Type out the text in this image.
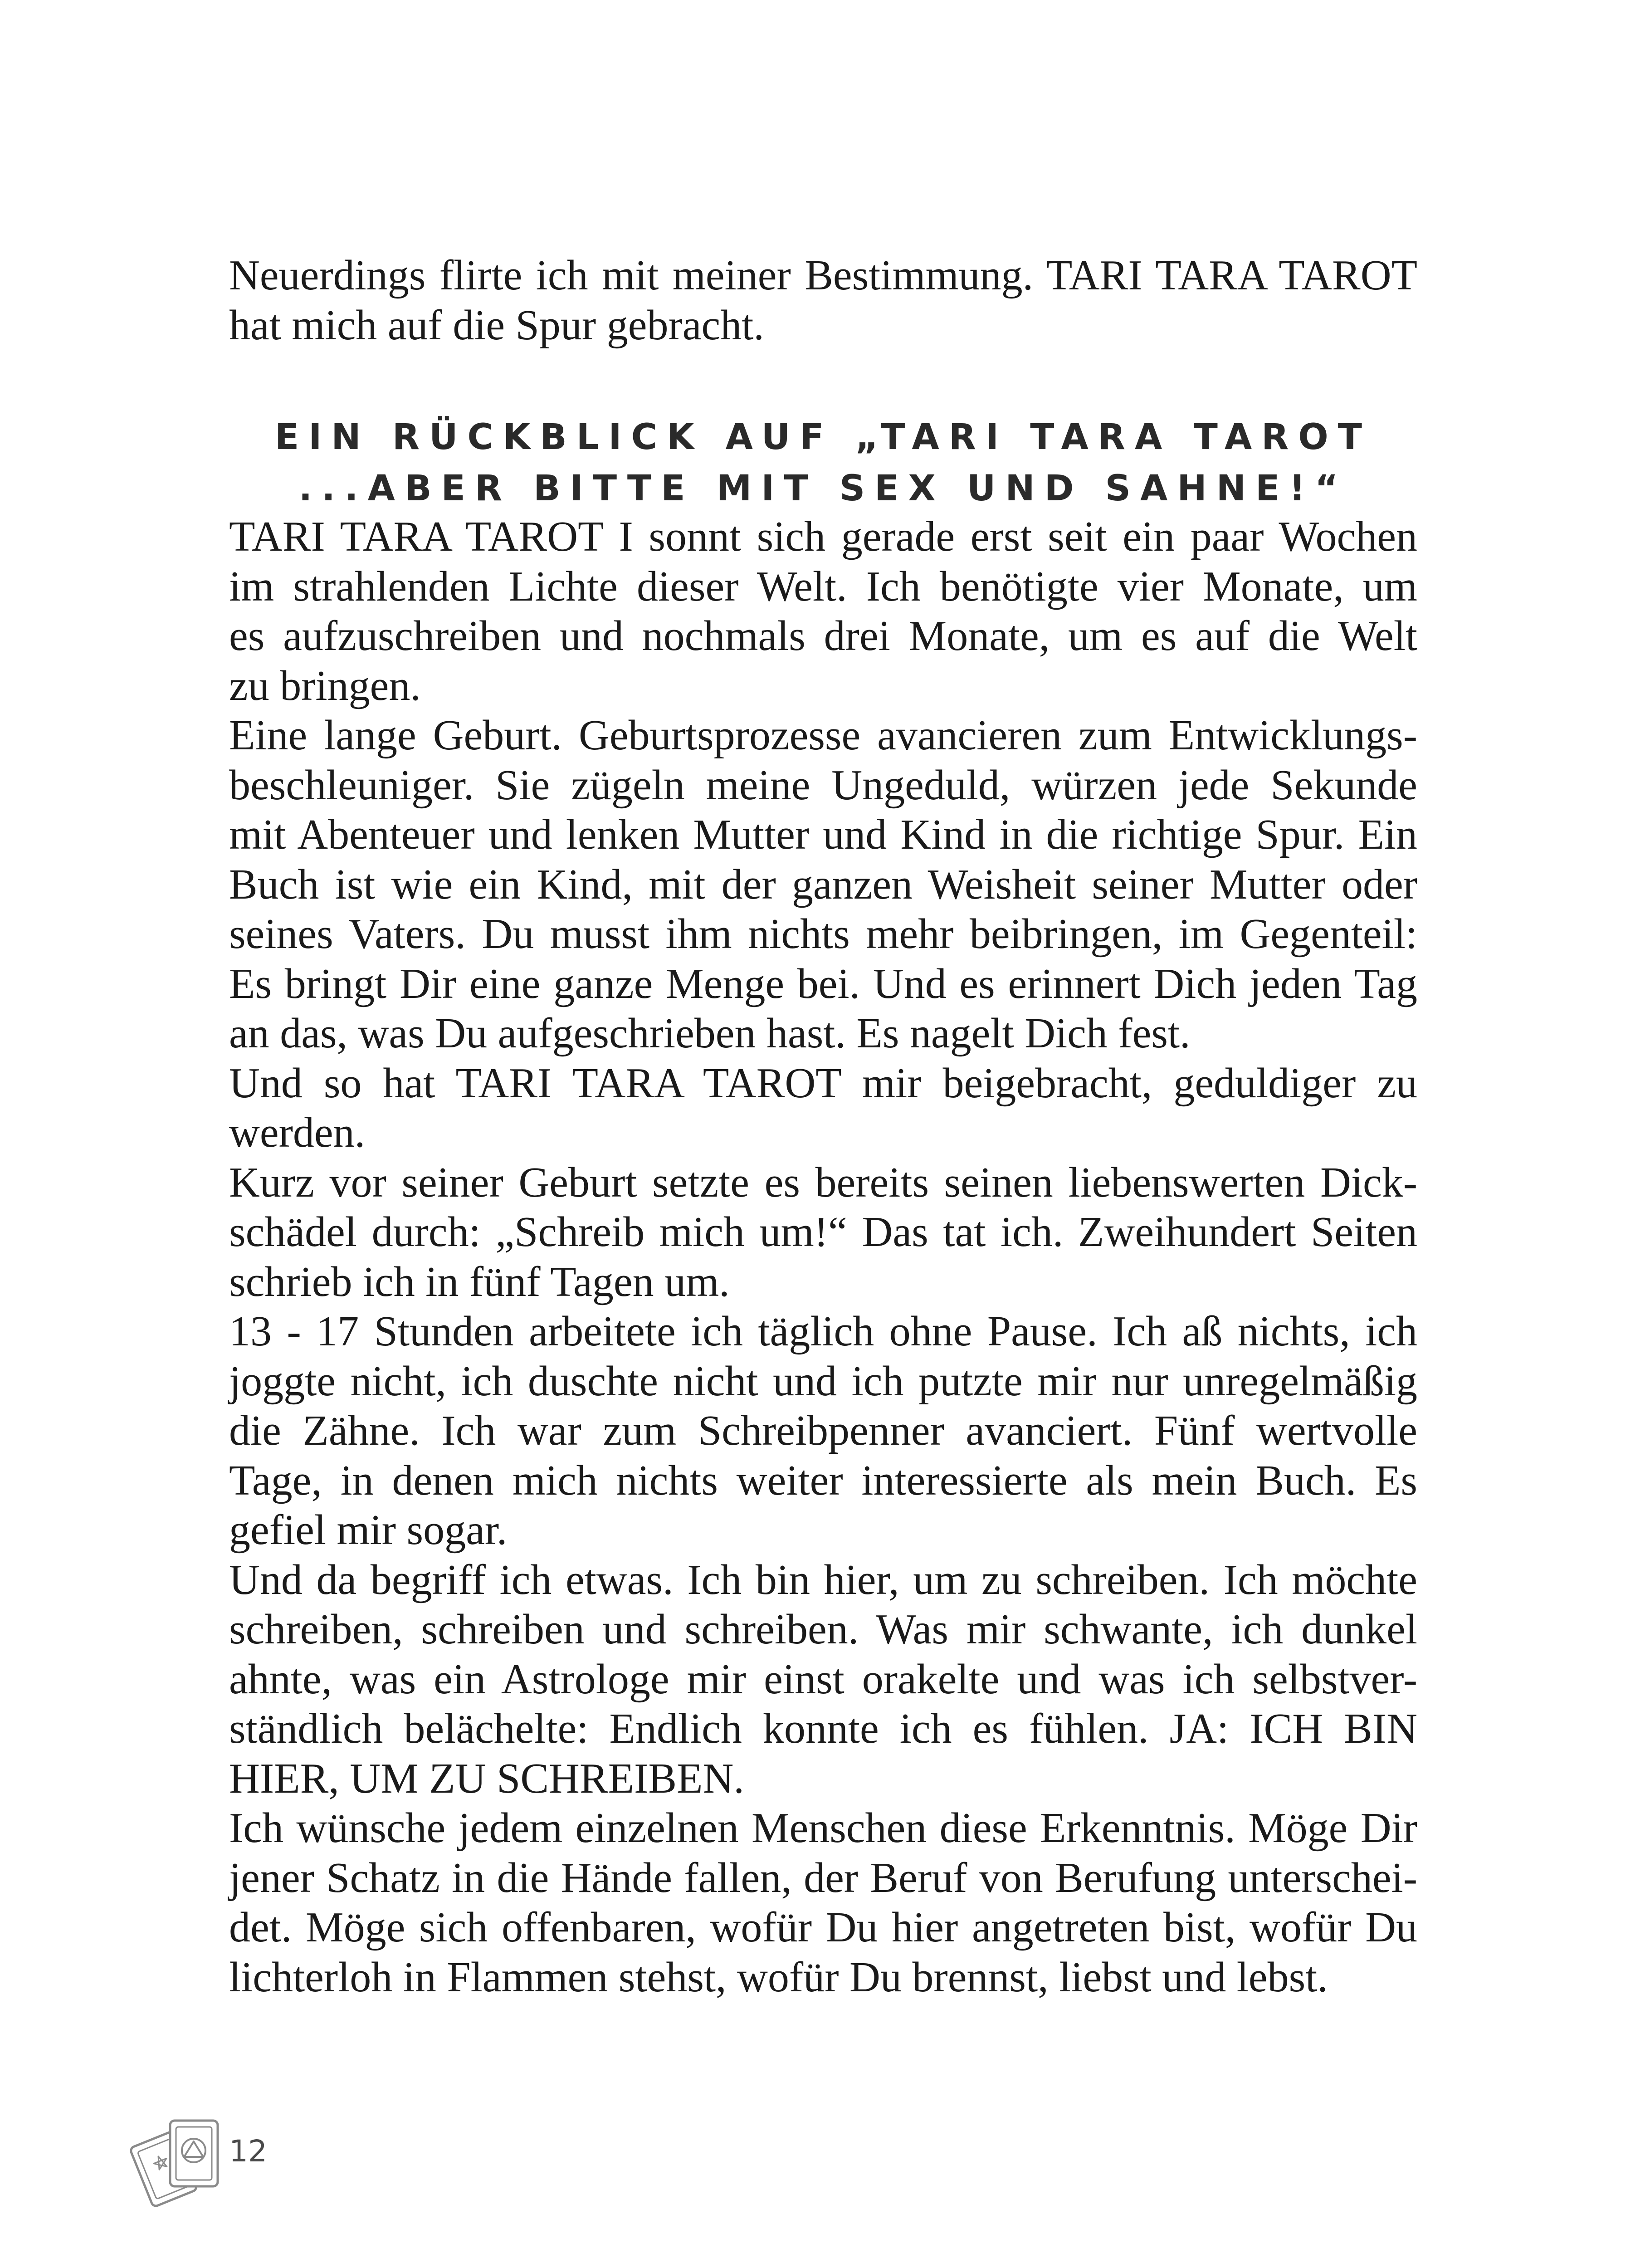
Neuerdings flirte ich mit meiner Bestimmung. TARI TARA TAROT
hat mich auf die Spur gebracht.
EIN RÜCKBLICK AUF „TARI TARA TAROT
...ABER BITTE MIT SEX UND SAHNE!“
TARI TARA TAROT I sonnt sich gerade erst seit ein paar Wochen
im strahlenden Lichte dieser Welt. Ich benötigte vier Monate, um
es aufzuschreiben und nochmals drei Monate, um es auf die Welt
zu bringen.
Eine lange Geburt. Geburtsprozesse avancieren zum Entwicklungs-
beschleuniger. Sie zügeln meine Ungeduld, würzen jede Sekunde
mit Abenteuer und lenken Mutter und Kind in die richtige Spur. Ein
Buch ist wie ein Kind, mit der ganzen Weisheit seiner Mutter oder
seines Vaters. Du musst ihm nichts mehr beibringen, im Gegenteil:
Es bringt Dir eine ganze Menge bei. Und es erinnert Dich jeden Tag
an das, was Du aufgeschrieben hast. Es nagelt Dich fest.
Und so hat TARI TARA TAROT mir beigebracht, geduldiger zu
werden.
Kurz vor seiner Geburt setzte es bereits seinen liebenswerten Dick-
schädel durch: „Schreib mich um!“ Das tat ich. Zweihundert Seiten
schrieb ich in fünf Tagen um.
13 - 17 Stunden arbeitete ich täglich ohne Pause. Ich aß nichts, ich
joggte nicht, ich duschte nicht und ich putzte mir nur unregelmäßig
die Zähne. Ich war zum Schreibpenner avanciert. Fünf wertvolle
Tage, in denen mich nichts weiter interessierte als mein Buch. Es
gefiel mir sogar.
Und da begriff ich etwas. Ich bin hier, um zu schreiben. Ich möchte
schreiben, schreiben und schreiben. Was mir schwante, ich dunkel
ahnte, was ein Astrologe mir einst orakelte und was ich selbstver-
ständlich belächelte: Endlich konnte ich es fühlen. JA: ICH BIN
HIER, UM ZU SCHREIBEN.
Ich wünsche jedem einzelnen Menschen diese Erkenntnis. Möge Dir
jener Schatz in die Hände fallen, der Beruf von Berufung unterschei-
det. Möge sich offenbaren, wofür Du hier angetreten bist, wofür Du
lichterloh in Flammen stehst, wofür Du brennst, liebst und lebst.
12
